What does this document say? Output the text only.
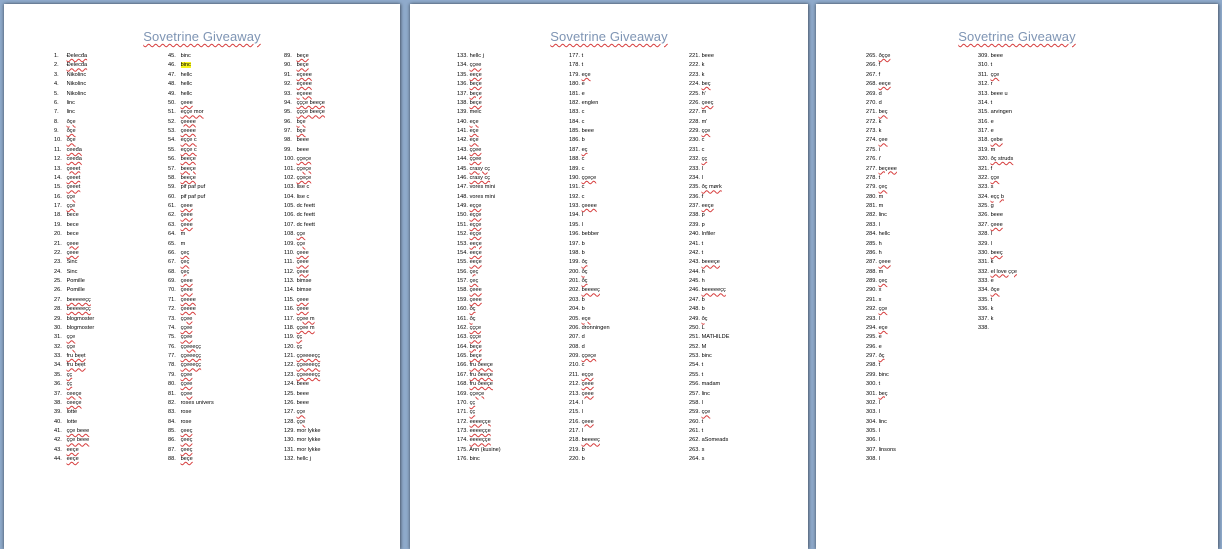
Sovetrine Giveaway
1. Đelecđa
2. Đelecđa
3. Nikolinc
4. Nikolinc
5. Nikolinc
6. linc
7. linc
8. ðçe
9. ðçe
10. ðçe
11. ceeđa
12. ceeđa
13. çeeet
14. çeeet
15. çeeet
16. ççe
17. ççe
18. bece
19. bece
20. bece
21. çeee
22. çeee
23. Sinc
24. Sinc
25. Pomille
26. Pomille
27. beeeeeçç
28. beeeeeçç
29. blogmoster
30. blogmoster
31. ççe
32. ççe
33. fru bẹẹt
34. fru bẹẹt
35. çç
36. çç
37. ceeçe
38. ceeçe
39. lotte
40. lotte
41. ççe beee
42. ççe beee
43. eeçe
44. eeçe
45. binc
46. binc
47. hellc
48. hellc
49. hellc
50. çeee
51. eççe mor
52. çeeee
53. çeeee
54. eççe c
55. eççe c
56. beeçe
57. beeçe
58. beeçe
59. pif paf puf
60. pif paf puf
61. çeee
62. çeee
63. çeee
64. m
65. m
66. çeç
67. çeç
68. çeç
69. çeee
70. çeee
71. çeeee
72. çeeee
73. ççee
74. ççee
75. ççee
76. ççeeeçç
77. ççeeeçç
78. ççeeeçç
79. ççee
80. ççee
81. ççee
82. roses univers
83. rose
84. rose
85. çeeç
86. çeeç
87. çeeç
88. beçe
89. beçe
90. beçe
91. eçeee
92. eçeee
93. eçeee
94. çççe beeçe
95. çççe beeçe
96. bçe
97. bçe
98. beee
99. beee
100. ççeçe
101. ççeçe
102. ççeçe
103. lise c
104. lise c
105. dc feett
106. dc feett
107. dc feett
108. ççe
109. ççe
110. çeee
111. çeee
112. çeee
113. bimse
114. bimse
115. çeee
116. çeee
117. ççee m
118. ççee m
119. çç
120. çç
121. ççeeeeçç
122. ççeeeeçç
123. ççeeeeçç
124. beee
125. beee
126. beee
127. ççe
128. ççe
129. mor lykke
130. mor lykke
131. mor lykke
132. hellc j
Sovetrine Giveaway
133. hellc j
134. ççee
135. eeçe
136. beçe
137. beçe
138. beçe
139. melc
140. eçe
141. eçe
142. eçe
143. ççee
144. ççee
145. crasy cç
146. crasy cç
147. vores mini
148. vores mini
149. eççe
150. eççe
151. eççe
152. eççe
153. eeçe
154. eeçe
155. eeçe
156. çeç
157. çeç
158. çeee
159. çeee
160. ðç
161. ðç
162. çççe
163. çççe
164. beçe
165. beçe
166. fru ðeeçe
167. fru ðeeçe
168. fru ðeeçe
169. ççeçe
170. çç
171. çç
172. eeeeççe
173. eeeeççe
174. eeeeççe
175. Ann (kusine)
176. binc
177. t
178. t
179. eçe
180. e
181. e
182. englen
183. c
184. c
185. beee
186. b
187. eç
188. c
189. c
190. ççeçe
191. c
192. c
193. çeeee
194. l
195. l
196. bebber
197. b
198. b
199. ðç
200. ðç
201. ðç
202. beeeeç
203. b
204. b
205. eçe
206. dronningen
207. d
208. d
209. ççeçe
210. c
211. eççe
212. çeee
213. çeee
214. l
215. l
216. çeee
217. l
218. beeeeç
219. b
220. b
221. beee
222. k
223. k
224. beç
225. h'
226. çeeç
227. m
228. m'
229. ççe
230. c
231. c
232. çç
233. l
234. l
235. ðç mørk
236. f
237. eeçe
238. p
239. p
240. Infiler
241. t
242. t
243. beeeçe
244. h
245. h
246. beeeeeçç
247. b
248. b
249. ðç
250. L
251. MATHILDE
252. M
253. binc
254. t
255. t
256. madam
257. linc
258. l
259. ççe
260. t
261. t
262. aSomeads
263. s
264. s
Sovetrine Giveaway
265. ðççe
266. f
267. f
268. eeçe
269. d
270. d
271. beç
272. k
273. k
274. çee
275. i
276. i'
277. beçeee
278. t
279. çeç
280. m
281. m
282. linc
283. l
284. hellc
285. h
286. h
287. çeee
288. m
289. çeç
290. x
291. x
292. ççe
293. l
294. eçe
295. e
296. e
297. ðç
298. t
299. binc
300. t
301. beç
302. l
303. l
304. linc
305. l
306. l
307. linsons
308. l
309. beee
310. t
311. ççe
312. r
313. beee u
314. t
315. arvingen
316. e
317. e
318. çebe
319. m
320. ðç struds
321. f
322. ççe
323. s
324. eçç b
325. g
326. beee
327. çeee
328. l
329. l
330. beeç
331. k
332. el love ççe
333. e
334. ðçe
335. t
336. k
337. k
338.
